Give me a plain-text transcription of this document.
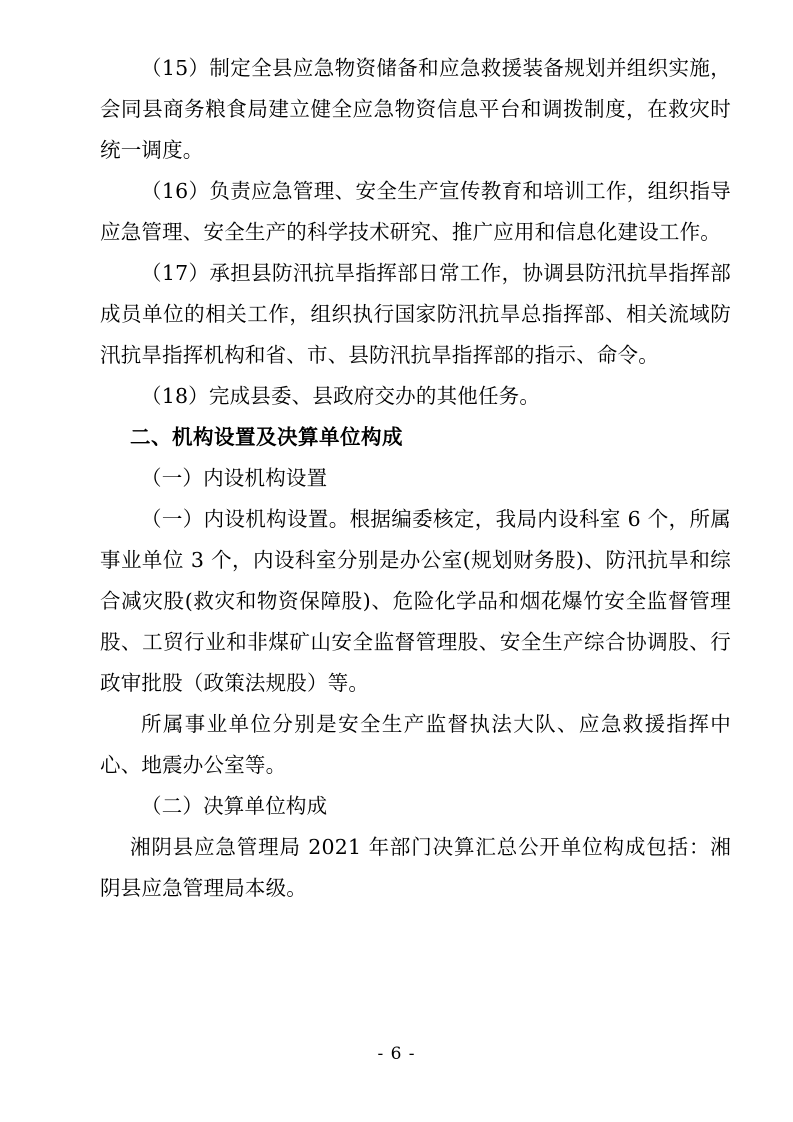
（15）制定全县应急物资储备和应急救援装备规划并组织实施，会同县商务粮食局建立健全应急物资信息平台和调拨制度，在救灾时统一调度。

（16）负责应急管理、安全生产宣传教育和培训工作，组织指导应急管理、安全生产的科学技术研究、推广应用和信息化建设工作。

（17）承担县防汛抗旱指挥部日常工作，协调县防汛抗旱指挥部成员单位的相关工作，组织执行国家防汛抗旱总指挥部、相关流域防汛抗旱指挥机构和省、市、县防汛抗旱指挥部的指示、命令。

（18）完成县委、县政府交办的其他任务。

二、机构设置及决算单位构成

（一）内设机构设置

（一）内设机构设置。根据编委核定，我局内设科室 6 个，所属事业单位 3 个，内设科室分别是办公室(规划财务股)、防汛抗旱和综合减灾股(救灾和物资保障股)、危险化学品和烟花爆竹安全监督管理股、工贸行业和非煤矿山安全监督管理股、安全生产综合协调股、行政审批股（政策法规股）等。

所属事业单位分别是安全生产监督执法大队、应急救援指挥中心、地震办公室等。

（二）决算单位构成

湘阴县应急管理局 2021 年部门决算汇总公开单位构成包括：湘阴县应急管理局本级。

- 6 -
